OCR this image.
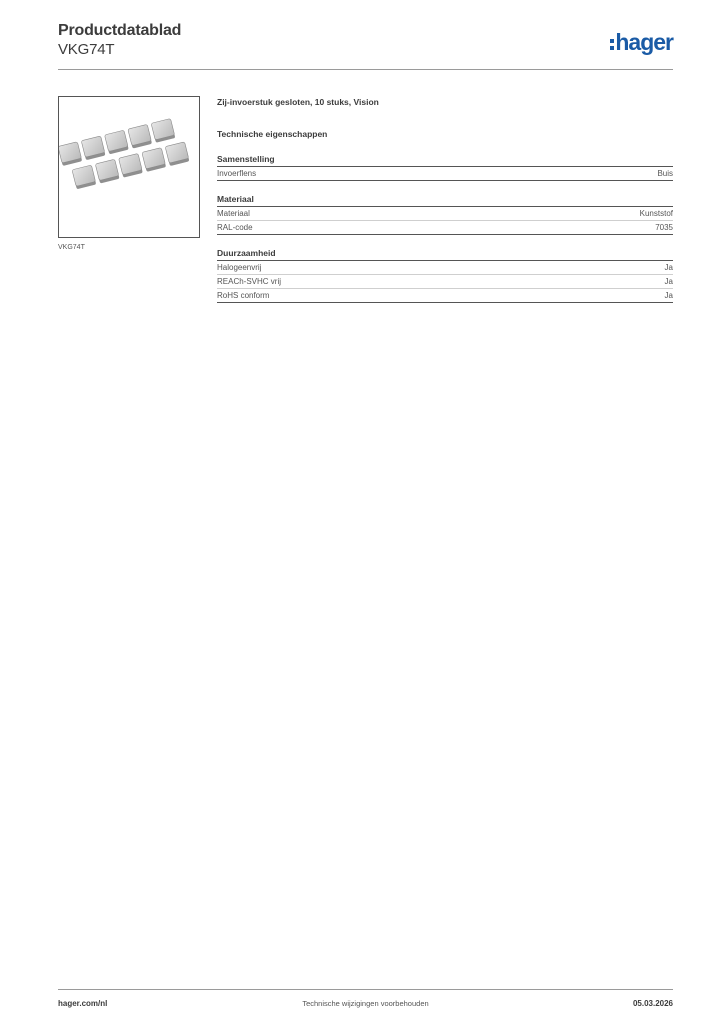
Productdatablad
VKG74T	hager
VKG74T
Zij-invoerstuk gesloten, 10 stuks, Vision
Technische eigenschappen
Samenstelling
Invoerflens	Buis
Materiaal
Materiaal	Kunststof
RAL-code	7035
Duurzaamheid
Halogeenvrij	Ja
REACh-SVHC vrij	Ja
RoHS conform	Ja
hager.com/nl	Technische wijzigingen voorbehouden	05.03.2026
